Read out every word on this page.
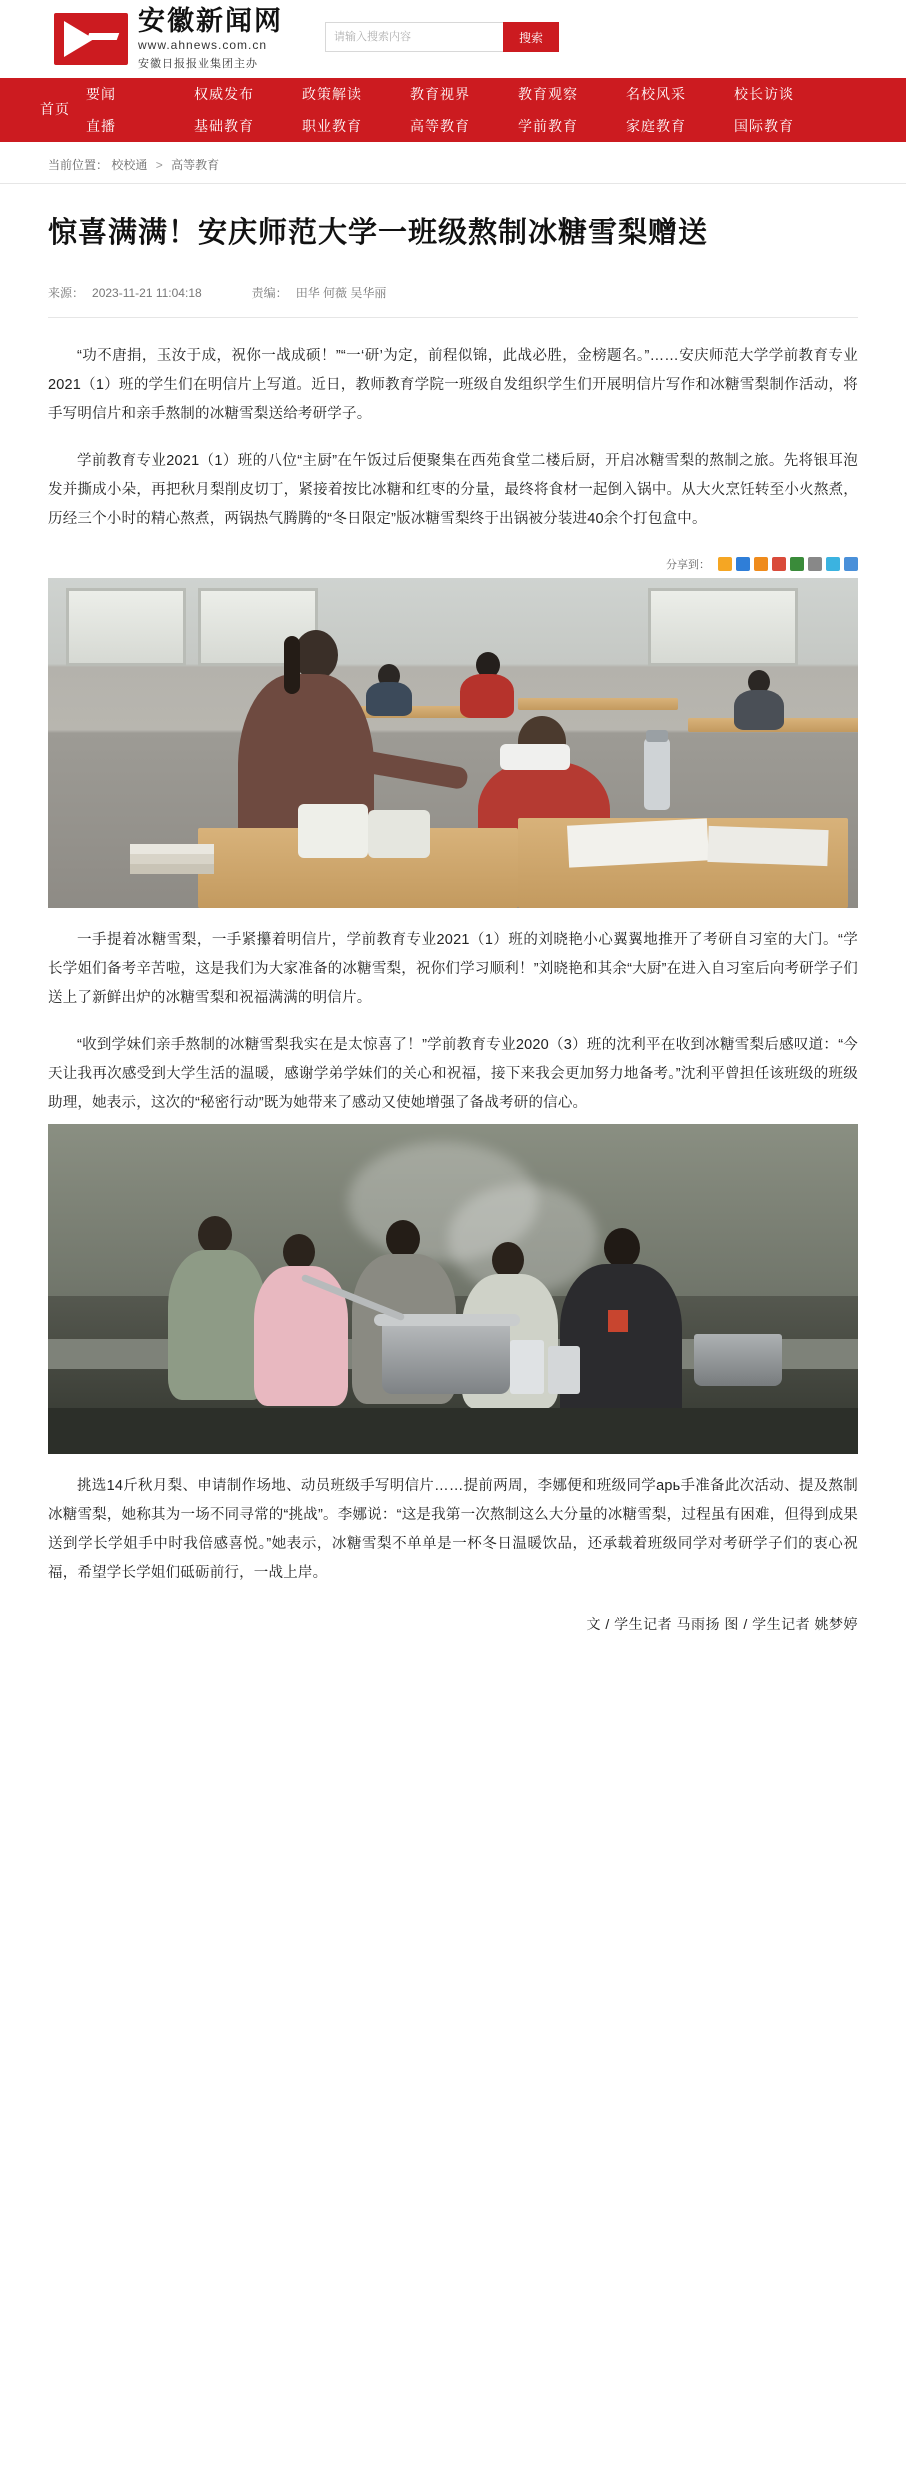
安徽新闻网
www.ahnews.com.cn
安徽日报报业集团主办
请输入搜索内容
搜索
首页
要闻	权威发布	政策解读	教育视界	教育观察	名校风采	校长访谈
直播	基础教育	职业教育	高等教育	学前教育	家庭教育	国际教育
当前位置： 校校通 > 高等教育
惊喜满满！安庆师范大学一班级熬制冰糖雪梨赠送
来源： 2023-11-21 11:04:18	责编： 田华 何薇 吴华丽

“功不唐捐，玉汝于成，祝你一战成硕！”“一‘研’为定，前程似锦，此战必胜，金榜题名。”……安庆师范大学学前教育专业2021（1）班的学生们在明信片上写道。近日，教师教育学院一班级自发组织学生们开展明信片写作和冰糖雪梨制作活动，将手写明信片和亲手熬制的冰糖雪梨送给考研学子。

学前教育专业2021（1）班的八位“主厨”在午饭过后便聚集在西苑食堂二楼后厨，开启冰糖雪梨的熬制之旅。先将银耳泡发并撕成小朵，再把秋月梨削皮切丁，紧接着按比冰糖和红枣的分量，最终将食材一起倒入锅中。从大火烹饪转至小火熬煮，历经三个小时的精心熬煮，两锅热气腾腾的“冬日限定”版冰糖雪梨终于出锅被分装进40余个打包盒中。

分享到：

一手提着冰糖雪梨，一手紧攥着明信片，学前教育专业2021（1）班的刘晓艳小心翼翼地推开了考研自习室的大门。“学长学姐们备考辛苦啦，这是我们为大家准备的冰糖雪梨，祝你们学习顺利！”刘晓艳和其余“大厨”在进入自习室后向考研学子们送上了新鲜出炉的冰糖雪梨和祝福满满的明信片。

“收到学妹们亲手熬制的冰糖雪梨我实在是太惊喜了！”学前教育专业2020（3）班的沈利平在收到冰糖雪梨后感叹道：“今天让我再次感受到大学生活的温暖，感谢学弟学妹们的关心和祝福，接下来我会更加努力地备考。”沈利平曾担任该班级的班级助理，她表示，这次的“秘密行动”既为她带来了感动又使她增强了备战考研的信心。

挑选14斤秋月梨、申请制作场地、动员班级手写明信片……提前两周，李娜便和班级同学арь手准备此次活动、提及熬制冰糖雪梨，她称其为一场不同寻常的“挑战”。李娜说：“这是我第一次熬制这么大分量的冰糖雪梨，过程虽有困难，但得到成果送到学长学姐手中时我倍感喜悦。”她表示，冰糖雪梨不单单是一杯冬日温暖饮品，还承载着班级同学对考研学子们的衷心祝福，希望学长学姐们砥砺前行，一战上岸。

文 / 学生记者 马雨扬 图 / 学生记者 姚梦婷
